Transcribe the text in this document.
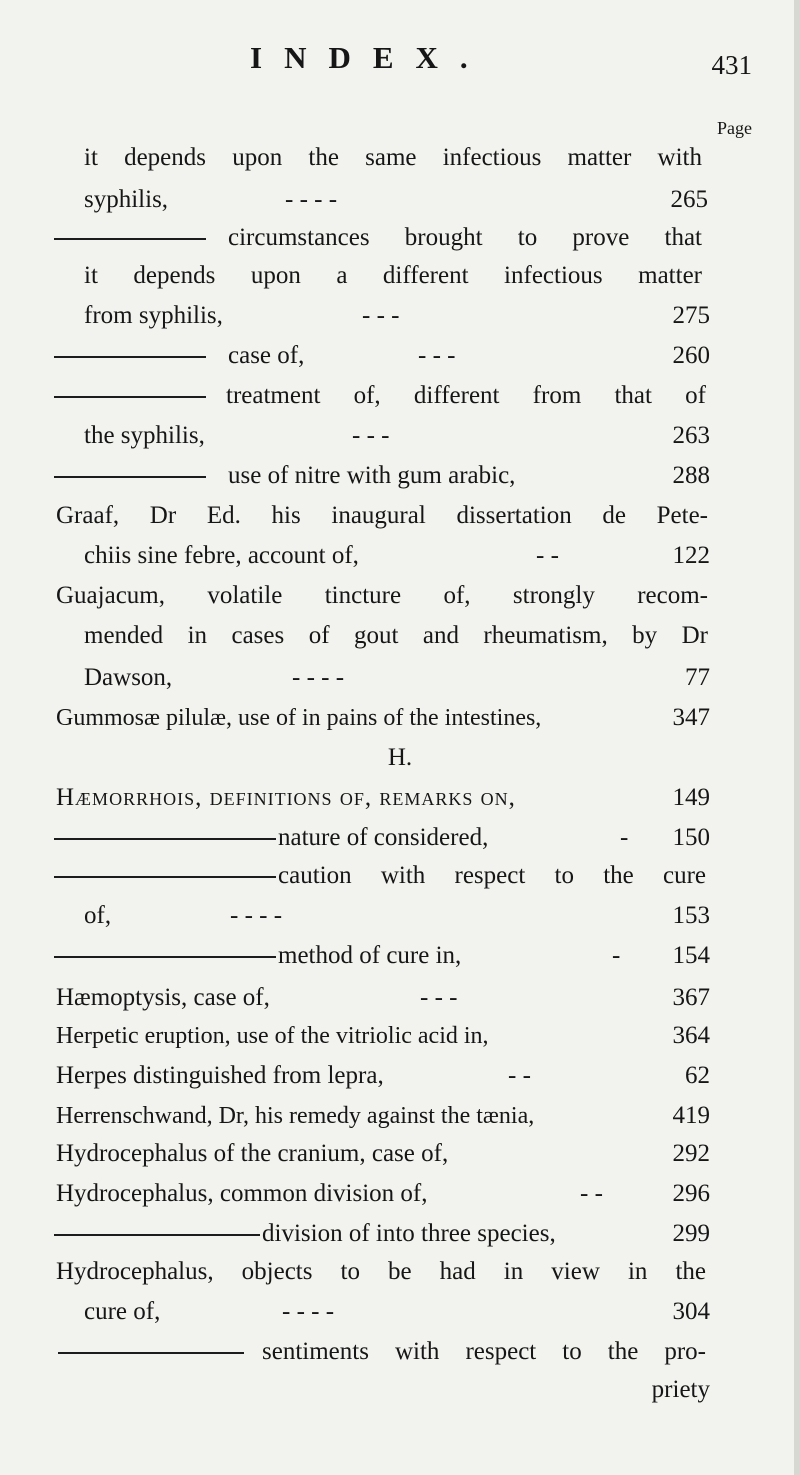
INDEX.	431
Page
it depends upon the same infectious matter with
syphilis,	- - - -	265
circumstances brought to prove that
it depends upon a different infectious matter
from syphilis,	- - -	275
case of,	- - -	260
treatment of, different from that of
the syphilis,	- - -	263
use of nitre with gum arabic,	288
Graaf, Dr Ed. his inaugural dissertation de Pete-
chiis sine febre, account of,	- -	122
Guajacum, volatile tincture of, strongly recom-
mended in cases of gout and rheumatism, by Dr
Dawson,	- - - -	77
Gummosæ pilulæ, use of in pains of the intestines,	347
H.
Hæmorrhois, definitions of, remarks on,	149
nature of considered,	- 150
caution with respect to the cure
of,	- - - -	153
method of cure in,	- 154
Hæmoptysis, case of,	- - -	367
Herpetic eruption, use of the vitriolic acid in,	364
Herpes distinguished from lepra,	- -	62
Herrenschwand, Dr, his remedy against the tænia,	419
Hydrocephalus of the cranium, case of,	292
Hydrocephalus, common division of,	- -	296
division of into three species,	299
Hydrocephalus, objects to be had in view in the
cure of,	- - - -	304
sentiments with respect to the pro-
priety
